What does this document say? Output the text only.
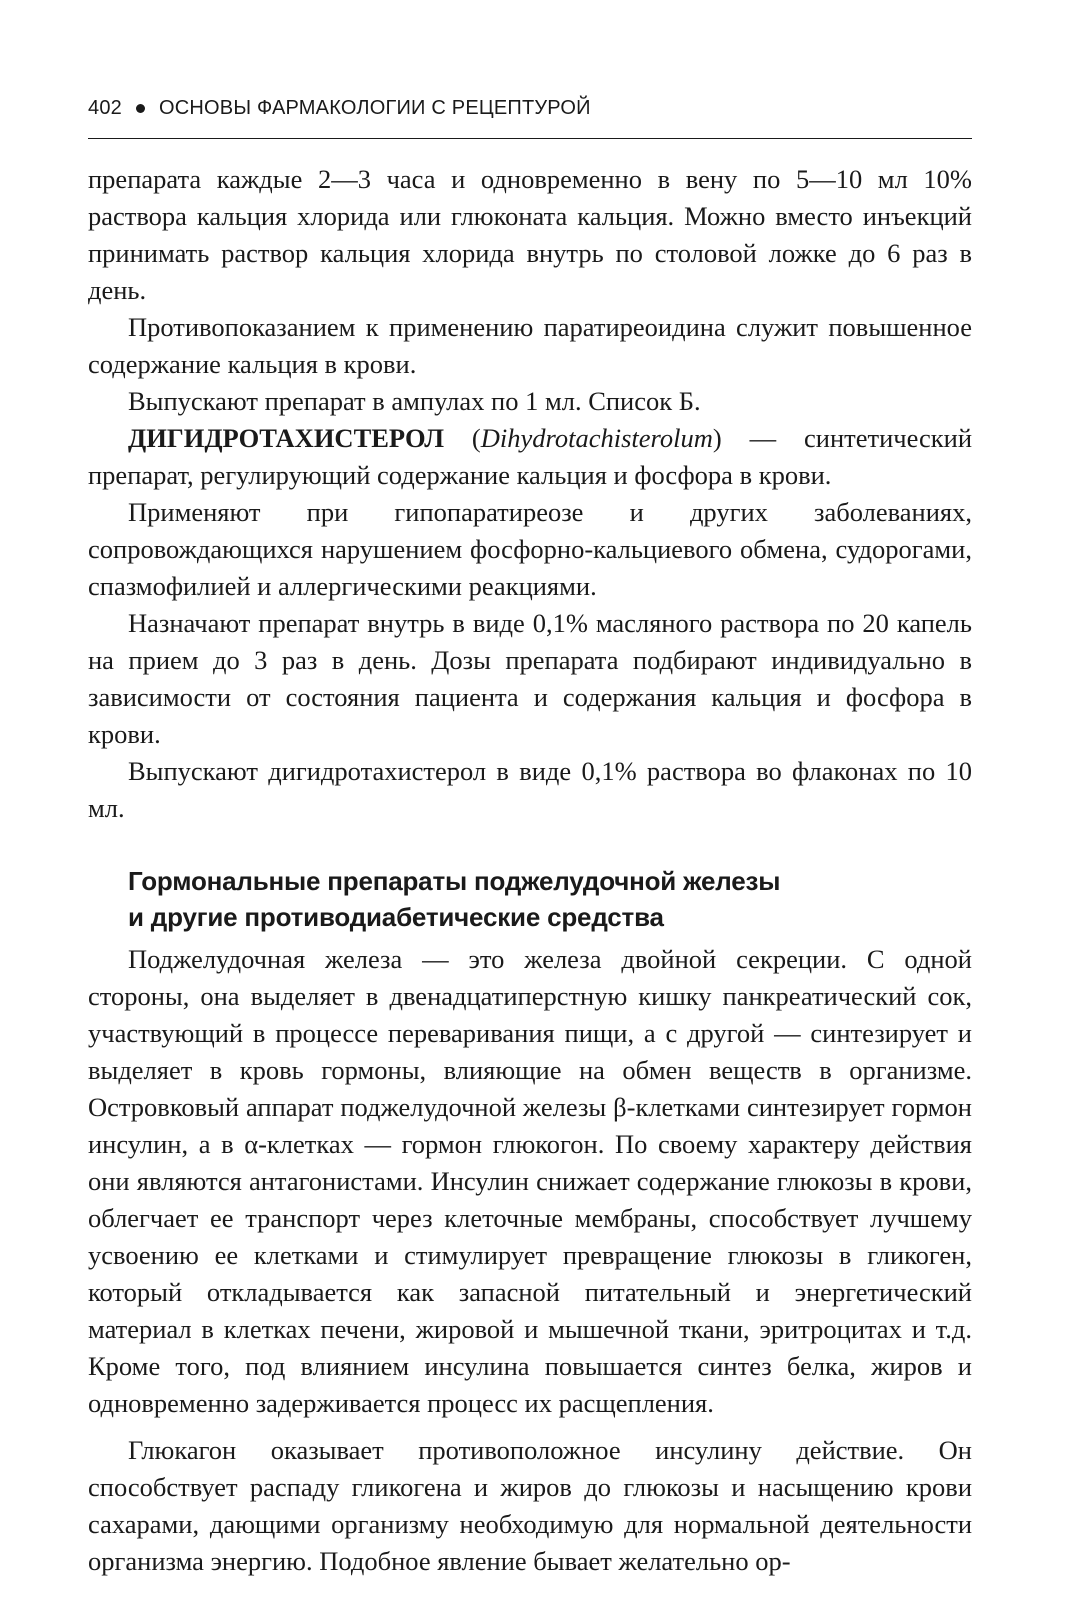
402 ОСНОВЫ ФАРМАКОЛОГИИ С РЕЦЕПТУРОЙ

препарата каждые 2—3 часа и одновременно в вену по 5—10 мл 10% раствора кальция хлорида или глюконата кальция. Можно вместо инъекций принимать раствор кальция хлорида внутрь по столовой ложке до 6 раз в день.

Противопоказанием к применению паратиреоидина служит повышенное содержание кальция в крови.

Выпускают препарат в ампулах по 1 мл. Список Б.

ДИГИДРОТАХИСТЕРОЛ (Dihydrotachisterolum) — синтетический препарат, регулирующий содержание кальция и фосфора в крови.

Применяют при гипопаратиреозе и других заболеваниях, сопровождающихся нарушением фосфорно-кальциевого обмена, судорогами, спазмофилией и аллергическими реакциями.

Назначают препарат внутрь в виде 0,1% масляного раствора по 20 капель на прием до 3 раз в день. Дозы препарата подбирают индивидуально в зависимости от состояния пациента и содержания кальция и фосфора в крови.

Выпускают дигидротахистерол в виде 0,1% раствора во флаконах по 10 мл.

Гормональные препараты поджелудочной железы
и другие противодиабетические средства

Поджелудочная железа — это железа двойной секреции. С одной стороны, она выделяет в двенадцатиперстную кишку панкреатический сок, участвующий в процессе переваривания пищи, а с другой — синтезирует и выделяет в кровь гормоны, влияющие на обмен веществ в организме. Островковый аппарат поджелудочной железы β-клетками синтезирует гормон инсулин, а в α-клетках — гормон глюкогон. По своему характеру действия они являются антагонистами. Инсулин снижает содержание глюкозы в крови, облегчает ее транспорт через клеточные мембраны, способствует лучшему усвоению ее клетками и стимулирует превращение глюкозы в гликоген, который откладывается как запасной питательный и энергетический материал в клетках печени, жировой и мышечной ткани, эритроцитах и т.д. Кроме того, под влиянием инсулина повышается синтез белка, жиров и одновременно задерживается процесс их расщепления.

Глюкагон оказывает противоположное инсулину действие. Он способствует распаду гликогена и жиров до глюкозы и насыщению крови сахарами, дающими организму необходимую для нормальной деятельности организма энергию. Подобное явление бывает желательно ор-
